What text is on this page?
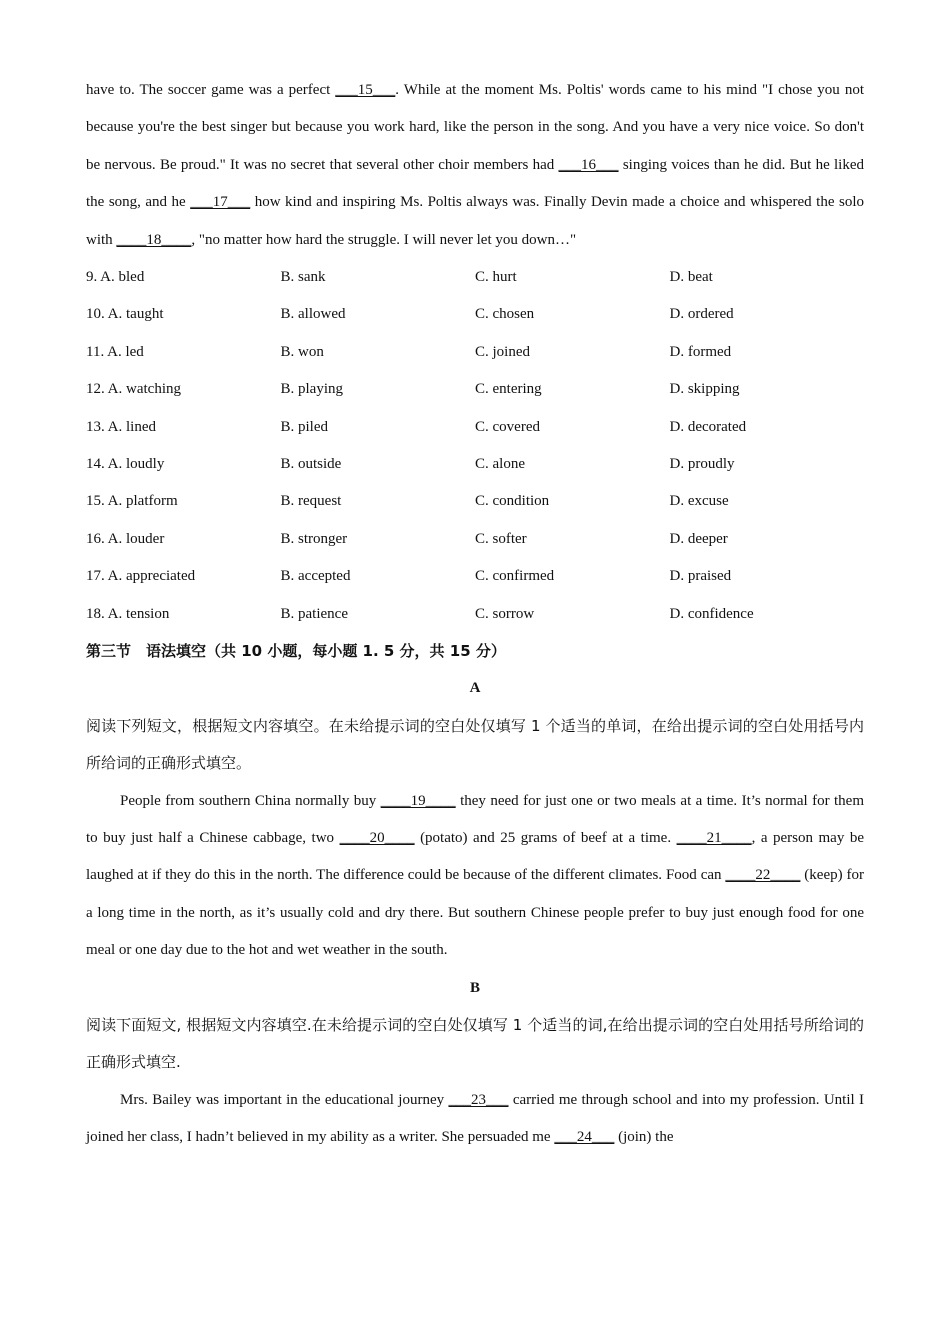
have to. The soccer game was a perfect ___15___. While at the moment Ms. Poltis' words came to his mind "I chose you not because you're the best singer but because you work hard, like the person in the song. And you have a very nice voice. So don't be nervous. Be proud." It was no secret that several other choir members had ___16___ singing voices than he did. But he liked the song, and he ___17___ how kind and inspiring Ms. Poltis always was. Finally Devin made a choice and whispered the solo with ____18____, "no matter how hard the struggle. I will never let you down…"

9. A. bled	B. sank	C. hurt	D. beat
10. A. taught	B. allowed	C. chosen	D. ordered
11. A. led	B. won	C. joined	D. formed
12. A. watching	B. playing	C. entering	D. skipping
13. A. lined	B. piled	C. covered	D. decorated
14. A. loudly	B. outside	C. alone	D. proudly
15. A. platform	B. request	C. condition	D. excuse
16. A. louder	B. stronger	C. softer	D. deeper
17. A. appreciated	B. accepted	C. confirmed	D. praised
18. A. tension	B. patience	C. sorrow	D. confidence

第三节　语法填空（共 10 小题，每小题 1. 5 分，共 15 分）

A

阅读下列短文，根据短文内容填空。在未给提示词的空白处仅填写 1 个适当的单词，在给出提示词的空白处用括号内所给词的正确形式填空。

People from southern China normally buy ____19____ they need for just one or two meals at a time. It’s normal for them to buy just half a Chinese cabbage, two ____20____ (potato) and 25 grams of beef at a time. ____21____, a person may be laughed at if they do this in the north. The difference could be because of the different climates. Food can ____22____ (keep) for a long time in the north, as it’s usually cold and dry there. But southern Chinese people prefer to buy just enough food for one meal or one day due to the hot and wet weather in the south.

B

阅读下面短文, 根据短文内容填空.在未给提示词的空白处仅填写 1 个适当的词,在给出提示词的空白处用括号所给词的正确形式填空.

Mrs. Bailey was important in the educational journey ___23___ carried me through school and into my profession. Until I joined her class, I hadn’t believed in my ability as a writer. She persuaded me ___24___ (join) the
